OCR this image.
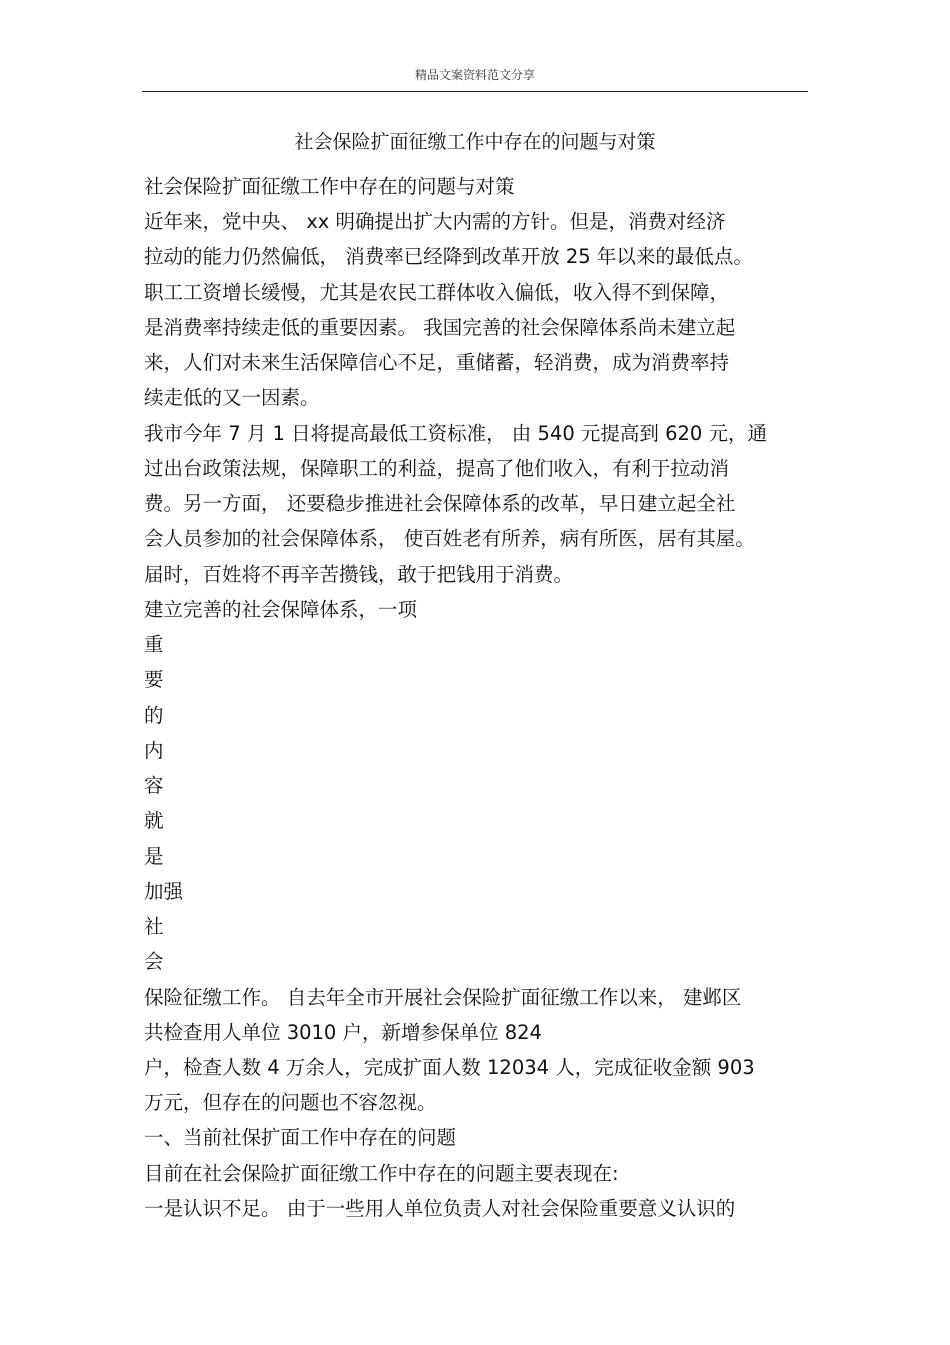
精品文案资料范文分享
社会保险扩面征缴工作中存在的问题与对策
社会保险扩面征缴工作中存在的问题与对策
近年来，党中央、 xx 明确提出扩大内需的方针。但是，消费对经济
拉动的能力仍然偏低， 消费率已经降到改革开放 25 年以来的最低点。
职工工资增长缓慢，尤其是农民工群体收入偏低，收入得不到保障，
是消费率持续走低的重要因素。 我国完善的社会保障体系尚未建立起
来，人们对未来生活保障信心不足，重储蓄，轻消费，成为消费率持
续走低的又一因素。
我市今年 7 月 1 日将提高最低工资标准， 由 540 元提高到 620 元，通
过出台政策法规，保障职工的利益，提高了他们收入，有利于拉动消
费。另一方面， 还要稳步推进社会保障体系的改革，早日建立起全社
会人员参加的社会保障体系， 使百姓老有所养，病有所医，居有其屋。
届时，百姓将不再辛苦攒钱，敢于把钱用于消费。
建立完善的社会保障体系，一项
重
要
的
内
容
就
是
加强
社
会
保险征缴工作。 自去年全市开展社会保险扩面征缴工作以来， 建邺区
共检查用人单位 3010 户，新增参保单位 824
户，检查人数 4 万余人，完成扩面人数 12034 人，完成征收金额 903
万元，但存在的问题也不容忽视。
一、当前社保扩面工作中存在的问题
目前在社会保险扩面征缴工作中存在的问题主要表现在:
一是认识不足。 由于一些用人单位负责人对社会保险重要意义认识的
